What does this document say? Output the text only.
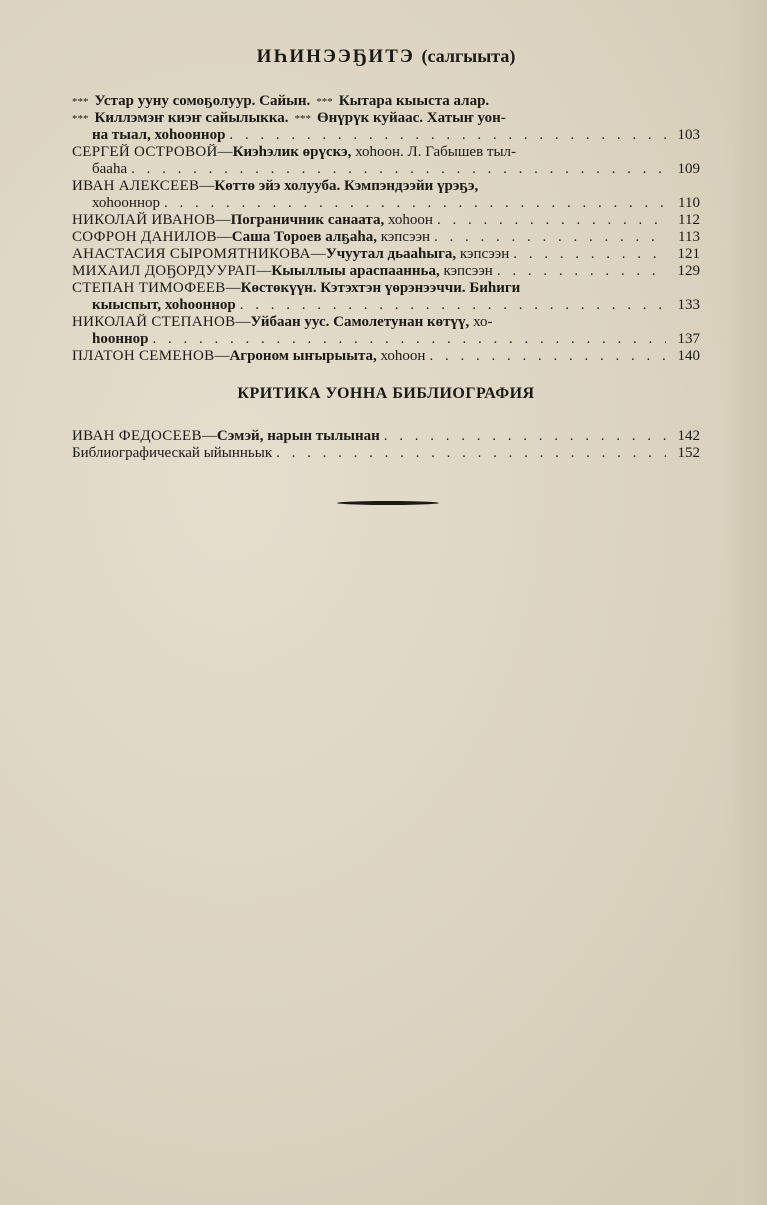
ИҺИНЭЭҔИТЭ (салгыыта)
*** Устар ууну сомоҕолуур. Сайын. *** Кытара кыыста алар.
*** Киллэмэҥ киэҥ сайылыкка. *** Өнүрүк куйаас. Хатыҥ уон-
на тыал, хоhооннор . . .	103
СЕРГЕЙ ОСТРОВОЙ — Киэһэлик өрүскэ,
хоhоон. Л. Габышев тыл-
бааhа . . .	109
ИВАН АЛЕКСЕЕВ — Көттө эйэ холууба. Кэмпэндээйи үрэҕэ,
хоhооннор . . .	110
НИКОЛАЙ ИВАНОВ — Пограничник санаата,
хоhоон . . .	112
СОФРОН ДАНИЛОВ — Саша Тороев алҕаhа,
кэпсээн . . .	113
АНАСТАСИЯ СЫРОМЯТНИКОВА — Учуутал дьааhыга,
кэпсээн . . .	121
МИХАИЛ ДОҔОРДУУРАП — Кыыллыы араспаанньа,
кэпсээн . . .	129
СТЕПАН ТИМОФЕЕВ — Көстөкүүн. Кэтэхтэн үөрэнээччи. Биhиги
кыыспыт, хоhооннор . . .	133
НИКОЛАЙ СТЕПАНОВ — Уйбаан уус. Самолетунан көтүү,
хо-
hооннор . . .	137
ПЛАТОН СЕМЕНОВ — Агроном ыҥырыыта,
хоhоон . . .	140
КРИТИКА УОННА БИБЛИОГРАФИЯ
ИВАН ФЕДОСЕЕВ — Сэмэй, нарын тылынан . . .	142
Библиографическай ыйынньык . . .	152
